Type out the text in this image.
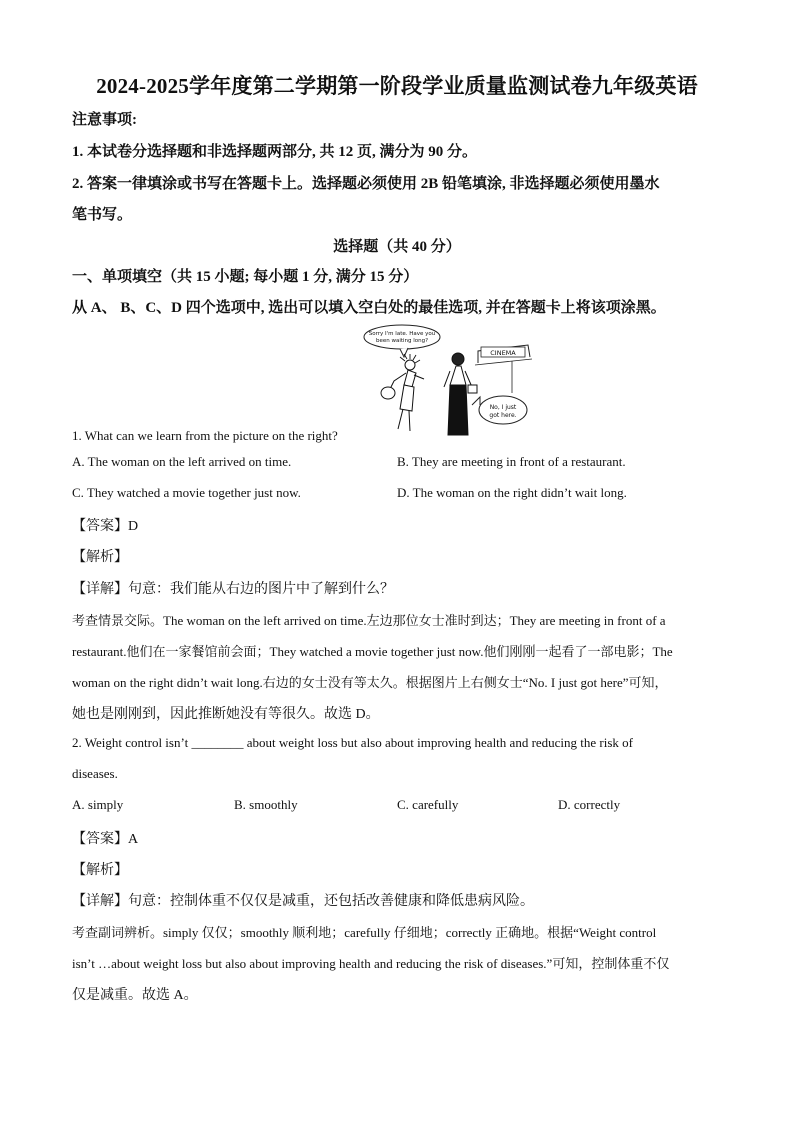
2024-2025学年度第二学期第一阶段学业质量监测试卷九年级英语
注意事项:
1. 本试卷分选择题和非选择题两部分, 共 12 页, 满分为 90 分。
2. 答案一律填涂或书写在答题卡上。选择题必须使用 2B 铅笔填涂, 非选择题必须使用墨水
笔书写。
选择题（共 40 分）
一、单项填空（共 15 小题; 每小题 1 分, 满分 15 分）
从 A、 B、C、D 四个选项中, 选出可以填入空白处的最佳选项, 并在答题卡上将该项涂黑。
Sorry I'm late. Have you
been waiting long?
CINEMA
No, I just
got here.
1. What can we learn from the picture on the right?
A. The woman on the left arrived on time.	B. They are meeting in front of a restaurant.
C. They watched a movie together just now.	D. The woman on the right didn’t wait long.
【答案】D
【解析】
【详解】句意：我们能从右边的图片中了解到什么？
考查情景交际。The woman on the left arrived on time.左边那位女士准时到达；They are meeting in front of a
restaurant.他们在一家餐馆前会面；They watched a movie together just now.他们刚刚一起看了一部电影；The
woman on the right didn’t wait long.右边的女士没有等太久。根据图片上右侧女士“No. I just got here”可知，
她也是刚刚到，因此推断她没有等很久。故选 D。
2. Weight control isn’t ________ about weight loss but also about improving health and reducing the risk of
diseases.
A. simply	B. smoothly	C. carefully	D. correctly
【答案】A
【解析】
【详解】句意：控制体重不仅仅是减重，还包括改善健康和降低患病风险。
考查副词辨析。simply 仅仅；smoothly 顺利地；carefully 仔细地；correctly 正确地。根据“Weight control
isn’t …about weight loss but also about improving health and reducing the risk of diseases.”可知，控制体重不仅
仅是减重。故选 A。
